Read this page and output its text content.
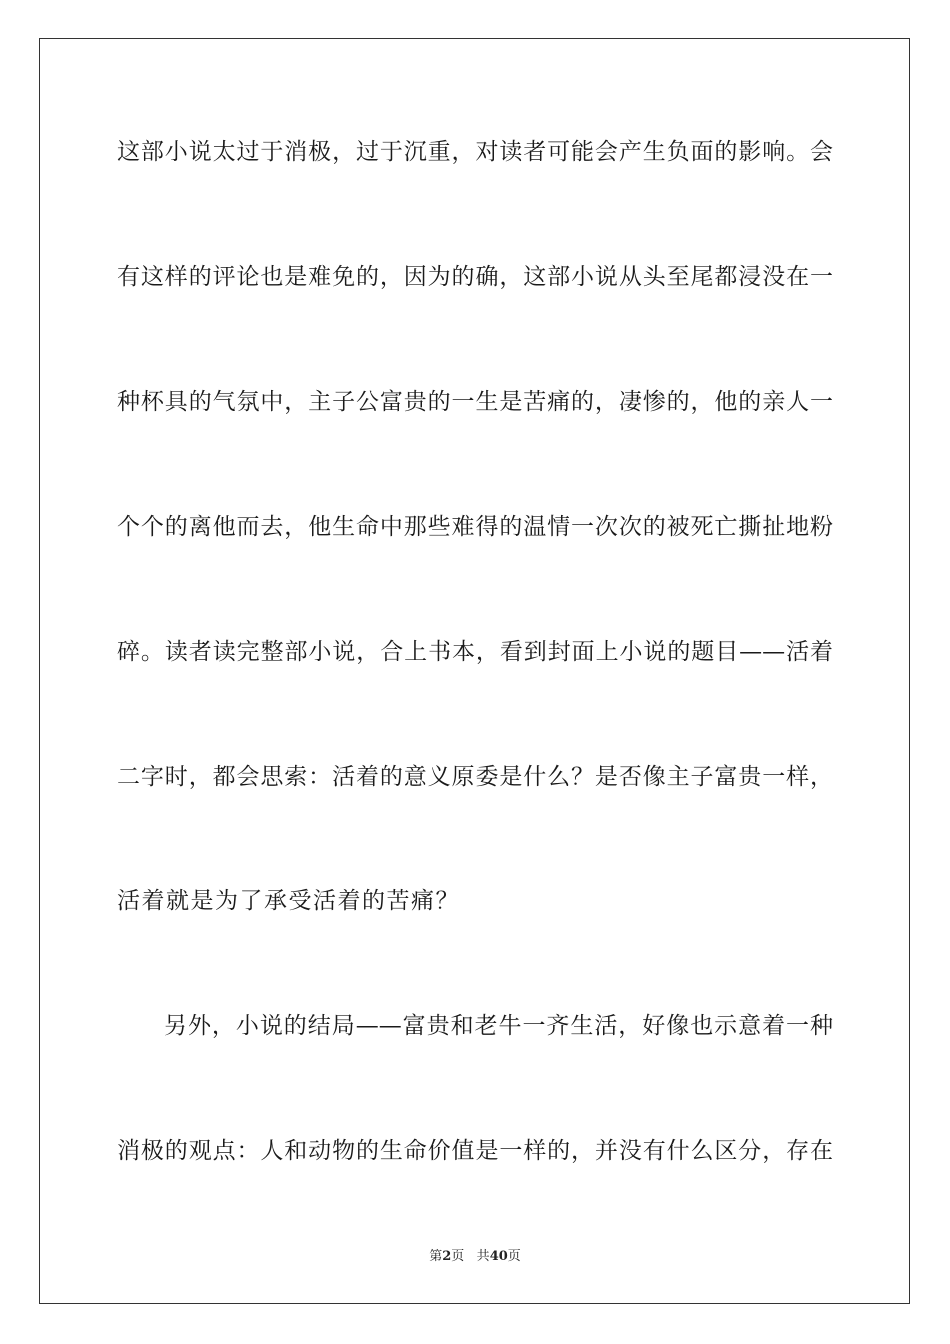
这部小说太过于消极，过于沉重，对读者可能会产生负面的影响。会
有这样的评论也是难免的，因为的确，这部小说从头至尾都浸没在一
种杯具的气氛中，主子公富贵的一生是苦痛的，凄惨的，他的亲人一
个个的离他而去，他生命中那些难得的温情一次次的被死亡撕扯地粉
碎。读者读完整部小说，合上书本，看到封面上小说的题目——活着
二字时，都会思索：活着的意义原委是什么？是否像主子富贵一样，
活着就是为了承受活着的苦痛？
另外，小说的结局——富贵和老牛一齐生活，好像也示意着一种
消极的观点：人和动物的生命价值是一样的，并没有什么区分，存在
第2页 共40页
